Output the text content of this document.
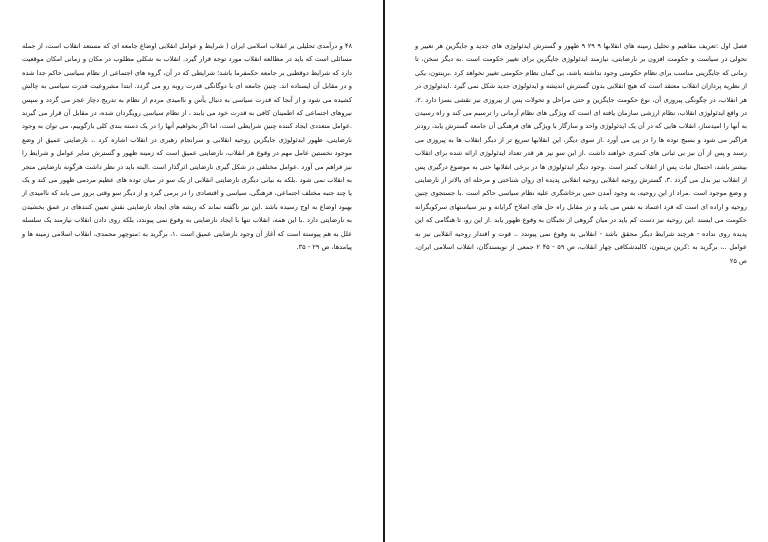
۴۸ و درآمدی تحلیلی بر انقلاب اسلامی ایران ( شرایط و عوامل انقلابی اوضاع جامعه ای که مستعد انقلاب است، از جمله مسائلی است که باید در مطالعه انقلاب مورد توجه قرار گیرد. انقلاب به شکلی مطلوب در مکان و زمانی امکان موقعیت دارد که شرایط دوقطبی بر جامعه حکمفرما باشد؛ شرایطی که در آن، گروه های اجتماعی از نظام سیاسی حاکم جدا شده و در مقابل آن ایستاده اند. چنین جامعه ای با دوگانگی قدرت روبه رو می گردد. ابتدا مشروعیت قدرت سیاسی به چالش کشیده می شود و از آنجا که قدرت سیاسی به دنبال یأس و ناامیدی مردم از نظام به تدریج دچار عجز می گردد و سپس نیروهای اجتماعی که اطمینان کافی به قدرت خود می یابند ، از نظام سیاسی رویگردان شده، در مقابل آن قرار می گیرند .عوامل متعددی ایجاد کننده چنین شرایطی است، اما اگر بخواهیم آنها را در یک دسته بندی کلی بازگوییم، می توان به وجود نارضایتی، ظهور ایدئولوژی جایگزین روحیه انقلابی و سرانجام رهبری در انقلاب اشاره کرد .، نارضایتی عمیق از وضع موجود نخستین عامل مهم در وقوع هر انقلاب، نارضایتی عمیق است که زمینه ظهور و گسترش سایر عوامل و شرایط را نیز فراهم می آورد .عوامل مختلفی در شکل گیری نارضایتی اثرگذار است .البته باید در نظر داشت هرگونه نارضایتی منجر به انقلاب نمی شود .بلکه به بیانی دیگری نارضایتی انقلابی از یک سو در میان توده های عظیم مردمی ظهور می کند و یک یا چند جنبه مختلف اجتماعی، فرهنگی، سیاسی و اقتصادی را در برمی گیرد و از دیگر سو وقتی بروز می یابد که ناامیدی از بهبود اوضاع به اوج رسیده باشد .این نیز ناگفته نماند که ریشه های ایجاد نارضایتی نقش تعیین کنندهای در عمق بخشیدن به نارضایتی دارد .با این همه، انقلاب تنها با ایجاد نارضایتی به وقوع نمی پیوندد، بلکه روی دادن انقلاب نیازمند یک سلسله علل به هم پیوسته است که آغاز آن وجود نارضایتی عمیق است .۱، برگرید به :منوچهر محمدی، انقلاب اسلامی زمینه ها و پیامدها، ص ۲۹ - ۳۵.

فصل اول :تعریف مفاهیم و تحلیل زمینه های انقلابها ۹ ۲۹ ۹ ظهور و گسترش ایدئولوژی های جدید و جایگزین هر تغییر و تحولی در سیاست و حکومت افزون بر نارضایتی، نیازمند ایدئولوژی جایگزین برای تغییر حکومت است .به دیگر سخن، تا زمانی که جایگزینی مناسب برای نظام حکومتی وجود نداشته باشد، بی گمان نظام حکومتی تغییر نخواهد کرد .برینتون، یکی از نظریه پردازان انقلاب معتقد است که هیچ انقلابی بدون گسترش اندیشه و ایدئولوژی جدید شکل نمی گیرد .ایدئولوژی در هر انقلاب، در چگونگی پیروزی آن، نوع حکومت جایگزین و حتی مراحل و تحولات پس از پیروزی نیز نقشی بسزا دارد .۲، در واقع ایدئولوژی انقلاب، نظام ارزشی سازمان یافته ای است که ویژگی های نظام آرمانی را ترسیم می کند و راه رسیدن به آنها را امیدساز، انقلاب هایی که در آن یک ایدئولوژی واحد و سازگار با ویژگی های فرهنگی آن جامعه گسترش یابد، رودتر فراگیر می شود و بسیج توده ها را در پی می آورد .از سوی دیگر، این انقلابها سریع تر از دیگر انقلاب ها به پیروزی می رسند و پس از آن نیز بی ثباتی های کمتری خواهند داشت .از این سو نیز هر قدر تعداد ایدئولوژی ارائه شده برای انقلاب بیشتر باشد، احتمال ثبات پس از انقلاب کمتر است .وجود دیگر ایدئولوژی ها در برخی انقلابها حتی به موضوع درگیری پس از انقلاب نیز بدل می گردد .۳، گسترش روحیه انقلابی روحیه انقلابی پدیده ای روان شناختی و مرحله ای بالاتر از نارضایتی و وضع موجود است .مراد از این روحیه، به وجود آمدن حس برخاشگری علیه نظام سیاسی حاکم است .با جستجوی چنین روحیه و اراده ای است که فرد اعتماد به نفس می یابد و در مقابل راه حل های اصلاح گرایانه و نیز سیاستهای سرکوبگرانه حکومت می ایستد .این روحیه نیز دست کم باید در میان گروهی از نخبگان به وقوع ظهور یابد .از این رو، تا هنگامی که این پدیده روی نداده - هرچند شرایط دیگر محقق باشد - انقلابی به وقوع نمی پیوندد .، قوت و اقتدار روحیه انقلابی نیز به عوامل ..، برگرید به :کرین برینتون، کالبدشکافی چهار انقلاب، ص ۵۹ - ۴۵ ۲ جمعی از نویسندگان، انقلاب اسلامی ایران، ص ۲۵
